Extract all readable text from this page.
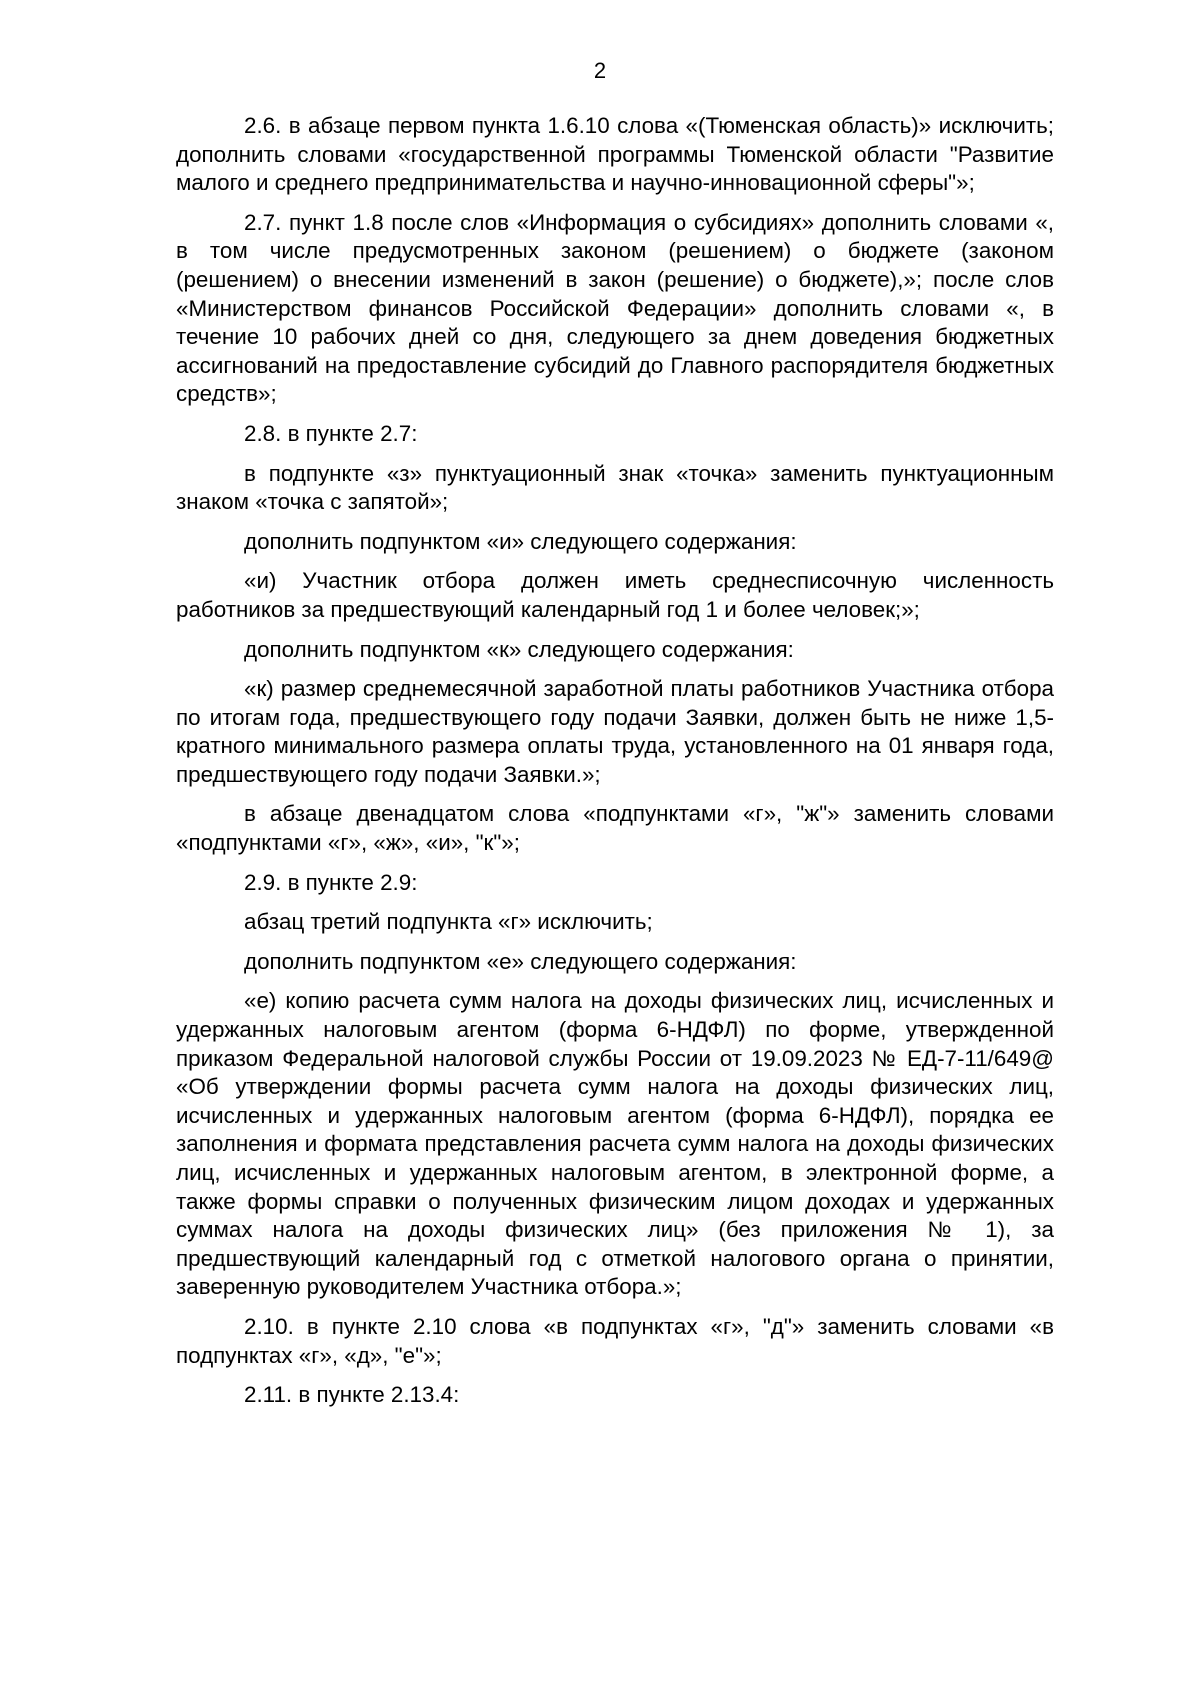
2

2.6. в абзаце первом пункта 1.6.10 слова «(Тюменская область)» исключить; дополнить словами «государственной программы Тюменской области "Развитие малого и среднего предпринимательства и научно-инновационной сферы"»;

2.7. пункт 1.8 после слов «Информация о субсидиях» дополнить словами «, в том числе предусмотренных законом (решением) о бюджете (законом (решением) о внесении изменений в закон (решение) о бюджете),»; после слов «Министерством финансов Российской Федерации» дополнить словами «, в течение 10 рабочих дней со дня, следующего за днем доведения бюджетных ассигнований на предоставление субсидий до Главного распорядителя бюджетных средств»;

2.8. в пункте 2.7:

в подпункте «з» пунктуационный знак «точка» заменить пунктуационным знаком «точка с запятой»;

дополнить подпунктом «и» следующего содержания:

«и) Участник отбора должен иметь среднесписочную численность работников за предшествующий календарный год 1 и более человек;»;

дополнить подпунктом «к» следующего содержания:

«к) размер среднемесячной заработной платы работников Участника отбора по итогам года, предшествующего году подачи Заявки, должен быть не ниже 1,5-кратного минимального размера оплаты труда, установленного на 01 января года, предшествующего году подачи Заявки.»;

в абзаце двенадцатом слова «подпунктами «г», "ж"» заменить словами «подпунктами «г», «ж», «и», "к"»;

2.9. в пункте 2.9:

абзац третий подпункта «г» исключить;

дополнить подпунктом «е» следующего содержания:

«е) копию расчета сумм налога на доходы физических лиц, исчисленных и удержанных налоговым агентом (форма 6-НДФЛ) по форме, утвержденной приказом Федеральной налоговой службы России от 19.09.2023 № ЕД-7-11/649@ «Об утверждении формы расчета сумм налога на доходы физических лиц, исчисленных и удержанных налоговым агентом (форма 6-НДФЛ), порядка ее заполнения и формата представления расчета сумм налога на доходы физических лиц, исчисленных и удержанных налоговым агентом, в электронной форме, а также формы справки о полученных физическим лицом доходах и удержанных суммах налога на доходы физических лиц» (без приложения № 1), за предшествующий календарный год с отметкой налогового органа о принятии, заверенную руководителем Участника отбора.»;

2.10. в пункте 2.10 слова «в подпунктах «г», "д"» заменить словами «в подпунктах «г», «д», "е"»;

2.11. в пункте 2.13.4:
